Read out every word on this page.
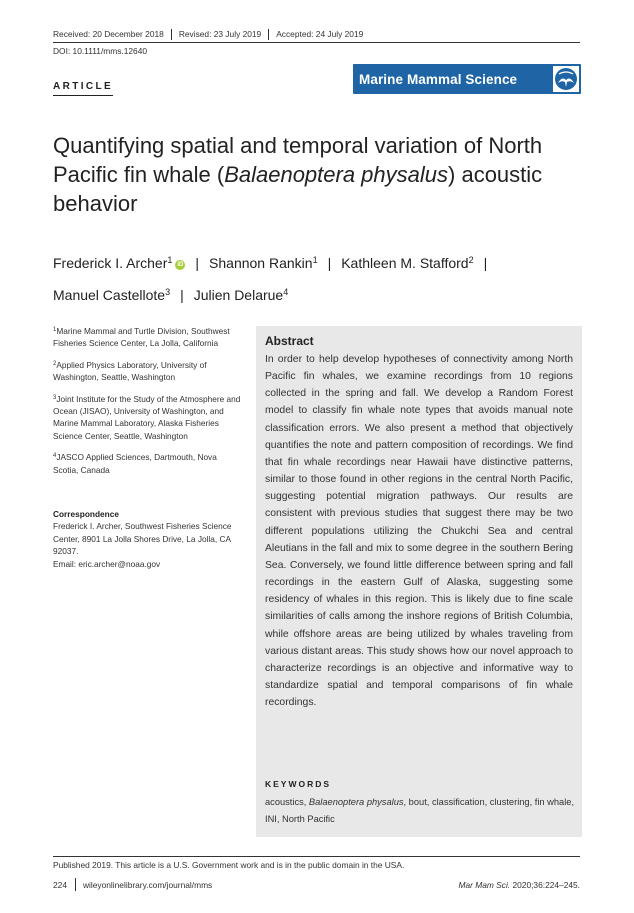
Received: 20 December 2018	Revised: 23 July 2019	Accepted: 24 July 2019
DOI: 10.1111/mms.12640
ARTICLE	Marine Mammal Science
Quantifying spatial and temporal variation of North Pacific fin whale (Balaenoptera physalus) acoustic behavior
Frederick I. Archer$^1$ iD | Shannon Rankin$^1$ | Kathleen M. Stafford$^2$ |
Manuel Castellote$^3$ | Julien Delarue$^4$
$^1$Marine Mammal and Turtle Division, Southwest Fisheries Science Center, La Jolla, California
$^2$Applied Physics Laboratory, University of Washington, Seattle, Washington
$^3$Joint Institute for the Study of the Atmosphere and Ocean (JISAO), University of Washington, and Marine Mammal Laboratory, Alaska Fisheries Science Center, Seattle, Washington
$^4$JASCO Applied Sciences, Dartmouth, Nova Scotia, Canada
Correspondence
Frederick I. Archer, Southwest Fisheries Science Center, 8901 La Jolla Shores Drive, La Jolla, CA 92037.
Email: eric.archer@noaa.gov
Abstract

In order to help develop hypotheses of connectivity among North Pacific fin whales, we examine recordings from 10 regions collected in the spring and fall. We develop a Random Forest model to classify fin whale note types that avoids manual note classification errors. We also present a method that objectively quantifies the note and pattern composition of recordings. We find that fin whale recordings near Hawaii have distinctive patterns, similar to those found in other regions in the central North Pacific, suggesting potential migration pathways. Our results are consistent with previous studies that suggest there may be two different populations utilizing the Chukchi Sea and central Aleutians in the fall and mix to some degree in the southern Bering Sea. Conversely, we found little difference between spring and fall recordings in the eastern Gulf of Alaska, suggesting some residency of whales in this region. This is likely due to fine scale similarities of calls among the inshore regions of British Columbia, while offshore areas are being utilized by whales traveling from various distant areas. This study shows how our novel approach to characterize recordings is an objective and informative way to standardize spatial and temporal comparisons of fin whale recordings.

KEYWORDS
acoustics, Balaenoptera physalus, bout, classification, clustering, fin whale, INI, North Pacific
Published 2019. This article is a U.S. Government work and is in the public domain in the USA.
224 wileyonlinelibrary.com/journal/mms	Mar Mam Sci. 2020;36:224–245.
